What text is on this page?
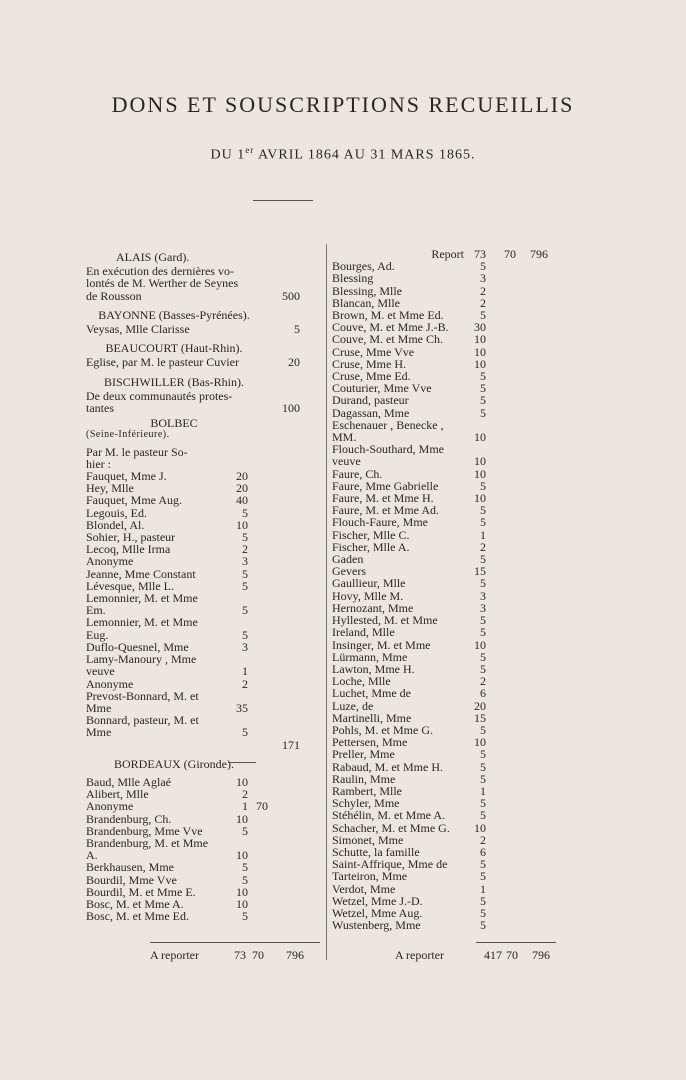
DONS ET SOUSCRIPTIONS RECUEILLIS
DU 1er AVRIL 1864 AU 31 MARS 1865.
ALAIS (Gard).
En exécution des dernières vo-
lontés de M. Werther de Seynes
de Rousson	500
BAYONNE (Basses-Pyrénées).
Veysas, Mlle Clarisse	5
BEAUCOURT (Haut-Rhin).
Eglise, par M. le pasteur Cuvier	20
BISCHWILLER (Bas-Rhin).
De deux communautés protes-
tantes	100
BOLBEC
(Seine-Inférieure).
Par M. le pasteur So-
hier :
Fauquet, Mme J.	20
Hey, Mlle	20
Fauquet, Mme Aug.	40
Legouis, Ed.	5
Blondel, Al.	10
Sohier, H., pasteur	5
Lecoq, Mlle Irma	2
Anonyme	3
Jeanne, Mme Constant	5
Lévesque, Mlle L.	5
Lemonnier, M. et Mme
Em.	5
Lemonnier, M. et Mme
Eug.	5
Duflo-Quesnel, Mme	3
Lamy-Manoury , Mme
veuve	1
Anonyme	2
Prevost-Bonnard, M. et
Mme	35
Bonnard, pasteur, M. et
Mme	5

171
BORDEAUX (Gironde).
Baud, Mlle Aglaé	10
Alibert, Mlle	2
Anonyme	1 70
Brandenburg, Ch.	10
Brandenburg, Mme Vve	5
Brandenburg, M. et Mme
A.	10
Berkhausen, Mme	5
Bourdil, Mme Vve	5
Bourdil, M. et Mme E.	10
Bosc, M. et Mme A.	10
Bosc, M. et Mme Ed.	5
Report 73	70	796
Bourges, Ad.	5
Blessing	3
Blessing, Mlle	2
Blancan, Mlle	2
Brown, M. et Mme Ed.	5
Couve, M. et Mme J.-B.	30
Couve, M. et Mme Ch.	10
Cruse, Mme Vve	10
Cruse, Mme H.	10
Cruse, Mme Ed.	5
Couturier, Mme Vve	5
Durand, pasteur	5
Dagassan, Mme	5
Eschenauer , Benecke ,
MM.	10
Flouch-Southard, Mme
veuve	10
Faure, Ch.	10
Faure, Mme Gabrielle	5
Faure, M. et Mme H.	10
Faure, M. et Mme Ad.	5
Flouch-Faure, Mme	5
Fischer, Mlle C.	1
Fischer, Mlle A.	2
Gaden	5
Gevers	15
Gaullieur, Mlle	5
Hovy, Mlle M.	3
Hernozant, Mme	3
Hyllested, M. et Mme	5
Ireland, Mlle	5
Insinger, M. et Mme	10
Lürmann, Mme	5
Lawton, Mme H.	5
Loche, Mlle	2
Luchet, Mme de	6
Luze, de	20
Martinelli, Mme	15
Pohls, M. et Mme G.	5
Pettersen, Mme	10
Preller, Mme	5
Rabaud, M. et Mme H.	5
Raulin, Mme	5
Rambert, Mlle	1
Schyler, Mme	5
Stéhélin, M. et Mme A.	5
Schacher, M. et Mme G.	10
Simonet, Mme	2
Schutte, la famille	6
Saint-Affrique, Mme de	5
Tarteiron, Mme	5
Verdot, Mme	1
Wetzel, Mme J.-D.	5
Wetzel, Mme Aug.	5
Wustenberg, Mme	5
A reporter	73 70	796	A reporter	417 70	796
